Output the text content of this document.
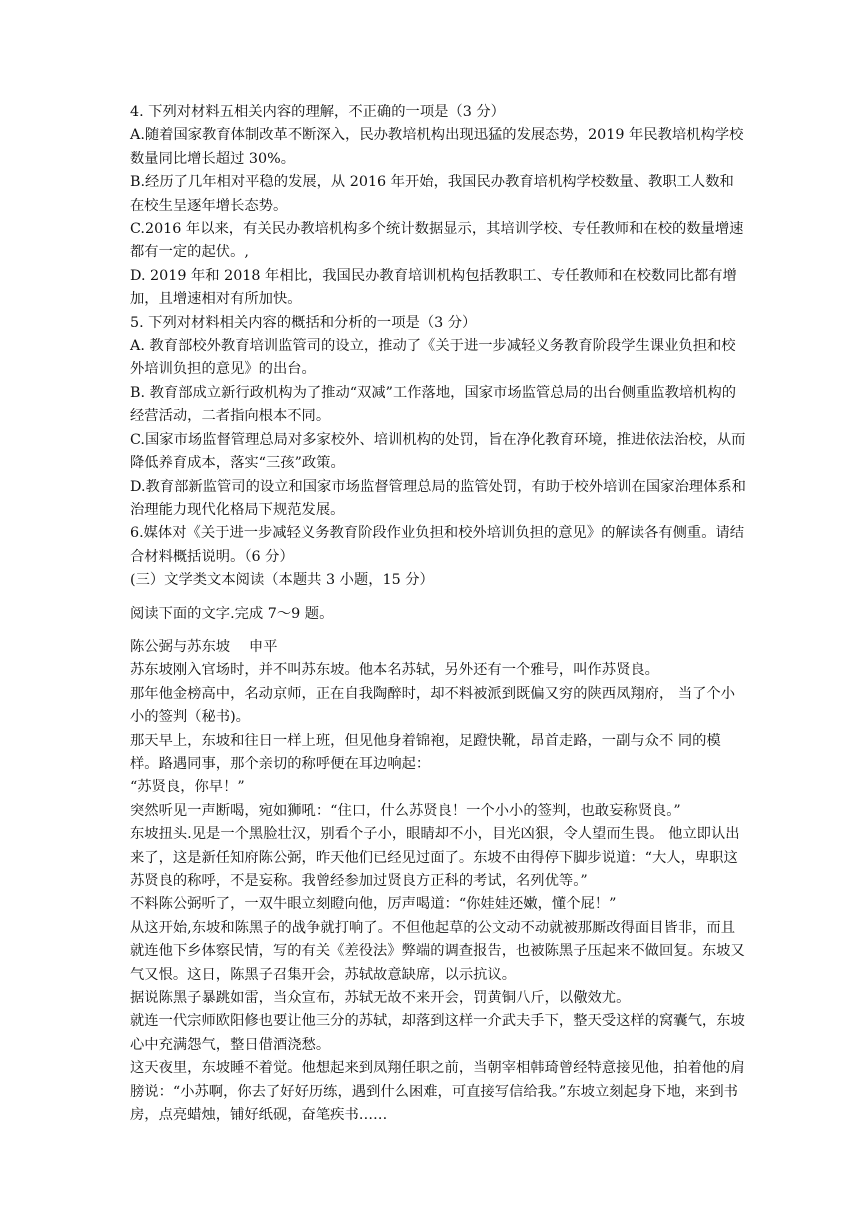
4. 下列对材料五相关内容的理解，不正确的一项是（3 分）

A.随着国家教育体制改革不断深入，民办教培机构出现迅猛的发展态势，2019 年民教培机构学校数量同比增长超过 30%。

B.经历了几年相对平稳的发展，从 2016 年开始，我国民办教育培机构学校数量、教职工人数和在校生呈逐年增长态势。

C.2016 年以来，有关民办教培机构多个统计数据显示，其培训学校、专任教师和在校的数量增速都有一定的起伏。,

D. 2019 年和 2018 年相比，我国民办教育培训机构包括教职工、专任教师和在校数同比都有增加，且增速相对有所加快。

5. 下列对材料相关内容的概括和分析的一项是（3 分）

A. 教育部校外教育培训监管司的设立，推动了《关于进一步减轻义务教育阶段学生课业负担和校外培训负担的意见》的出台。

B. 教育部成立新行政机构为了推动“双减”工作落地，国家市场监管总局的出台侧重监教培机构的经营活动，二者指向根本不同。

C.国家市场监督管理总局对多家校外、培训机构的处罚，旨在净化教育环境，推进依法治校，从而降低养育成本，落实“三孩”政策。

D.教育部新监管司的设立和国家市场监督管理总局的监管处罚，有助于校外培训在国家治理体系和治理能力现代化格局下规范发展。

6.媒体对《关于进一步减轻义务教育阶段作业负担和校外培训负担的意见》的解读各有侧重。请结合材料概括说明。（6 分）

(三）文学类文本阅读（本题共 3 小题，15 分）

阅读下面的文字.完成 7～9 题。

陈公弼与苏东坡　 申平

苏东坡刚入官场时，并不叫苏东坡。他本名苏轼，另外还有一个雅号，叫作苏贤良。

那年他金榜高中，名动京师，正在自我陶醉时，却不料被派到既偏又穷的陕西凤翔府， 当了个小小的签判（秘书)。

那天早上，东坡和往日一样上班，但见他身着锦袍，足蹬快靴，昂首走路，一副与众不 同的模样。路遇同事，那个亲切的称呼便在耳边响起：

“苏贤良，你早！”

突然听见一声断喝，宛如狮吼：“住口，什么苏贤良！一个小小的签判，也敢妄称贤良。”

东坡扭头.见是一个黑脸壮汉，别看个子小，眼睛却不小，目光凶狠，令人望而生畏。 他立即认出来了，这是新任知府陈公弼，昨天他们已经见过面了。东坡不由得停下脚步说道：“大人，卑职这苏贤良的称呼，不是妄称。我曾经参加过贤良方正科的考试，名列优等。”

不料陈公弼听了，一双牛眼立刻瞪向他，厉声喝道：“你娃娃还嫩，懂个屁！”

从这开始,东坡和陈黑子的战争就打响了。不但他起草的公文动不动就被那厮改得面目皆非，而且就连他下乡体察民情，写的有关《差役法》弊端的调查报告，也被陈黑子压起来不做回复。东坡又气又恨。这日，陈黑子召集开会，苏轼故意缺席，以示抗议。

据说陈黑子暴跳如雷，当众宣布，苏轼无故不来开会，罚黄铜八斤，以儆效尤。

就连一代宗师欧阳修也要让他三分的苏轼，却落到这样一介武夫手下，整天受这样的窝囊气，东坡心中充满怨气，整日借酒浇愁。

这天夜里，东坡睡不着觉。他想起来到凤翔任职之前，当朝宰相韩琦曾经特意接见他，拍着他的肩膀说：“小苏啊，你去了好好历练，遇到什么困难，可直接写信给我。”东坡立刻起身下地，来到书房，点亮蜡烛，铺好纸砚，奋笔疾书……
